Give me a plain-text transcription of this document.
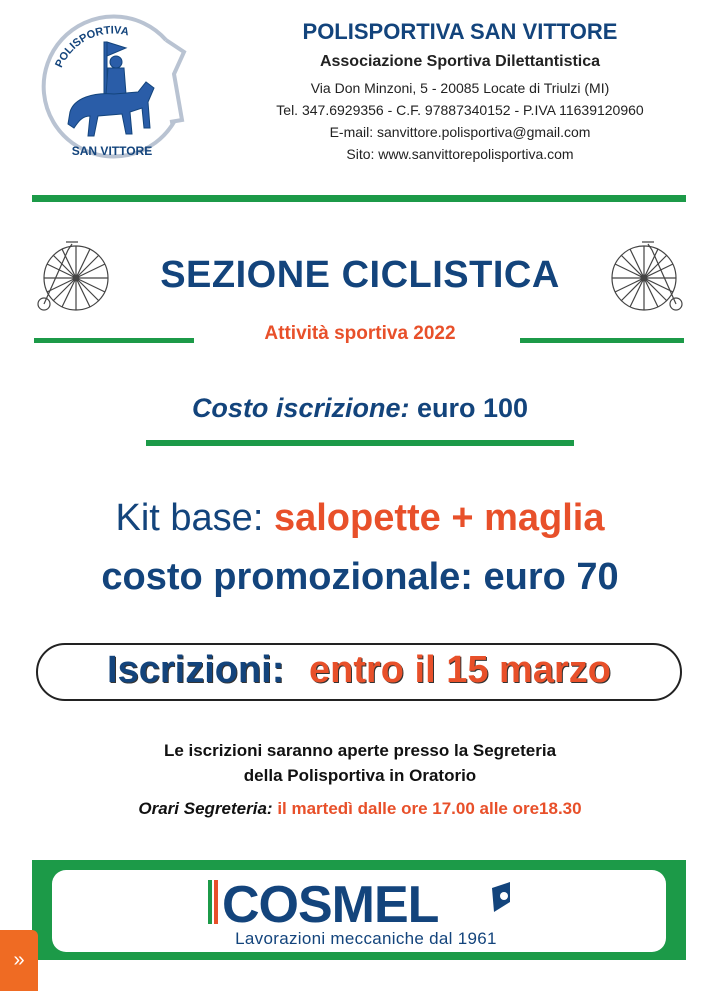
POLISPORTIVA
SAN VITTORE
POLISPORTIVA SAN VITTORE
Associazione Sportiva Dilettantistica
Via Don Minzoni, 5 - 20085 Locate di Triulzi (MI)
Tel. 347.6929356 - C.F. 97887340152 - P.IVA 11639120960
E-mail: sanvittore.polisportiva@gmail.com
Sito: www.sanvittorepolisportiva.com
SEZIONE CICLISTICA
Attività sportiva 2022
Costo iscrizione: euro 100
Kit base: salopette + maglia
costo promozionale: euro 70
Iscrizioni: entro il 15 marzo
Le iscrizioni saranno aperte presso la Segreteria
della Polisportiva in Oratorio
Orari Segreteria: il martedì dalle ore 17.00 alle ore18.30
COSMEL
Lavorazioni meccaniche dal 1961
»
